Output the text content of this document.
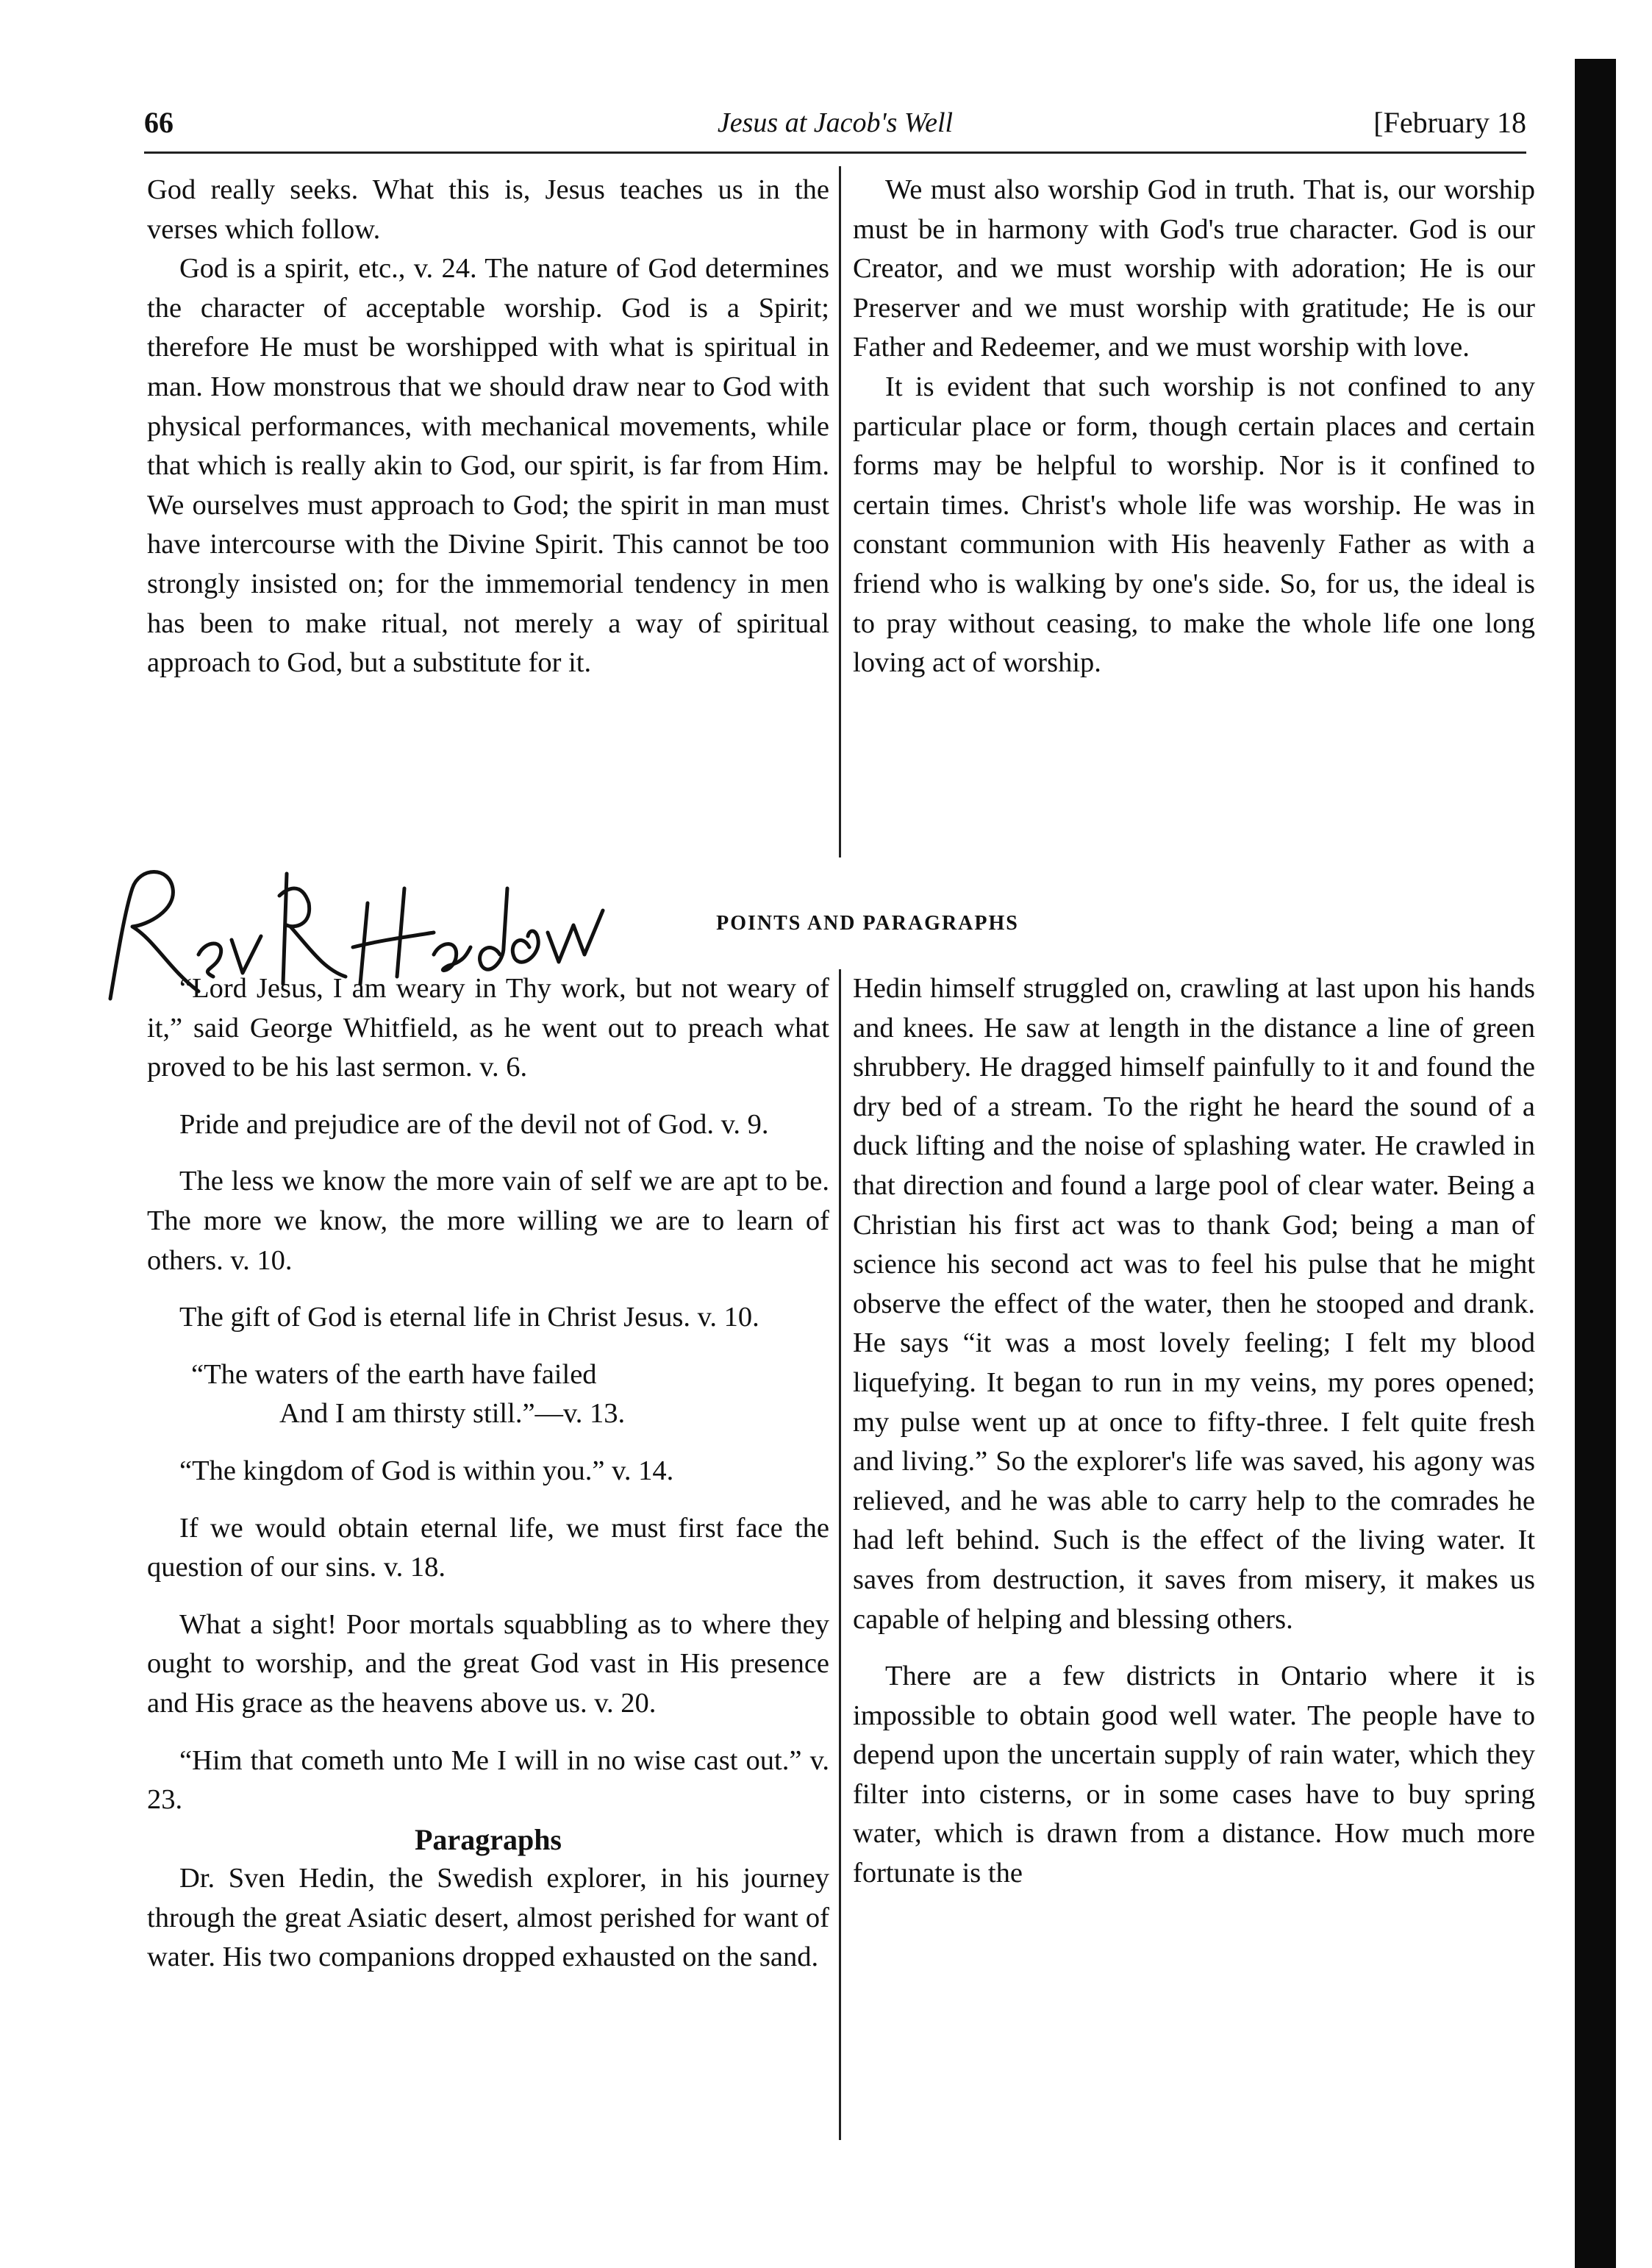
66	Jesus at Jacob's Well	[February 18

God really seeks. What this is, Jesus teaches us in the verses which follow.

God is a spirit, etc., v. 24. The nature of God determines the character of acceptable worship. God is a Spirit; therefore He must be worshipped with what is spiritual in man. How monstrous that we should draw near to God with physical performances, with mechanical movements, while that which is really akin to God, our spirit, is far from Him. We ourselves must approach to God; the spirit in man must have intercourse with the Divine Spirit. This cannot be too strongly insisted on; for the immemorial tendency in men has been to make ritual, not merely a way of spiritual approach to God, but a substitute for it.

We must also worship God in truth. That is, our worship must be in harmony with God's true character. God is our Creator, and we must worship with adoration; He is our Preserver and we must worship with gratitude; He is our Father and Redeemer, and we must worship with love.

It is evident that such worship is not confined to any particular place or form, though certain places and certain forms may be helpful to worship. Nor is it confined to certain times. Christ's whole life was worship. He was in constant communion with His heavenly Father as with a friend who is walking by one's side. So, for us, the ideal is to pray without ceasing, to make the whole life one long loving act of worship.

POINTS AND PARAGRAPHS

“Lord Jesus, I am weary in Thy work, but not weary of it,” said George Whitfield, as he went out to preach what proved to be his last sermon. v. 6.

Pride and prejudice are of the devil not of God. v. 9.

The less we know the more vain of self we are apt to be. The more we know, the more willing we are to learn of others. v. 10.

The gift of God is eternal life in Christ Jesus. v. 10.

“The waters of the earth have failed

And I am thirsty still.”—v. 13.

“The kingdom of God is within you.” v. 14.

If we would obtain eternal life, we must first face the question of our sins. v. 18.

What a sight! Poor mortals squabbling as to where they ought to worship, and the great God vast in His presence and His grace as the heavens above us. v. 20.

“Him that cometh unto Me I will in no wise cast out.” v. 23.

Paragraphs

Dr. Sven Hedin, the Swedish explorer, in his journey through the great Asiatic desert, almost perished for want of water. His two companions dropped exhausted on the sand.

Hedin himself struggled on, crawling at last upon his hands and knees. He saw at length in the distance a line of green shrubbery. He dragged himself painfully to it and found the dry bed of a stream. To the right he heard the sound of a duck lifting and the noise of splashing water. He crawled in that direction and found a large pool of clear water. Being a Christian his first act was to thank God; being a man of science his second act was to feel his pulse that he might observe the effect of the water, then he stooped and drank. He says “it was a most lovely feeling; I felt my blood liquefying. It began to run in my veins, my pores opened; my pulse went up at once to fifty-three. I felt quite fresh and living.” So the explorer's life was saved, his agony was relieved, and he was able to carry help to the comrades he had left behind. Such is the effect of the living water. It saves from destruction, it saves from misery, it makes us capable of helping and blessing others.

There are a few districts in Ontario where it is impossible to obtain good well water. The people have to depend upon the uncertain supply of rain water, which they filter into cisterns, or in some cases have to buy spring water, which is drawn from a distance. How much more fortunate is the
